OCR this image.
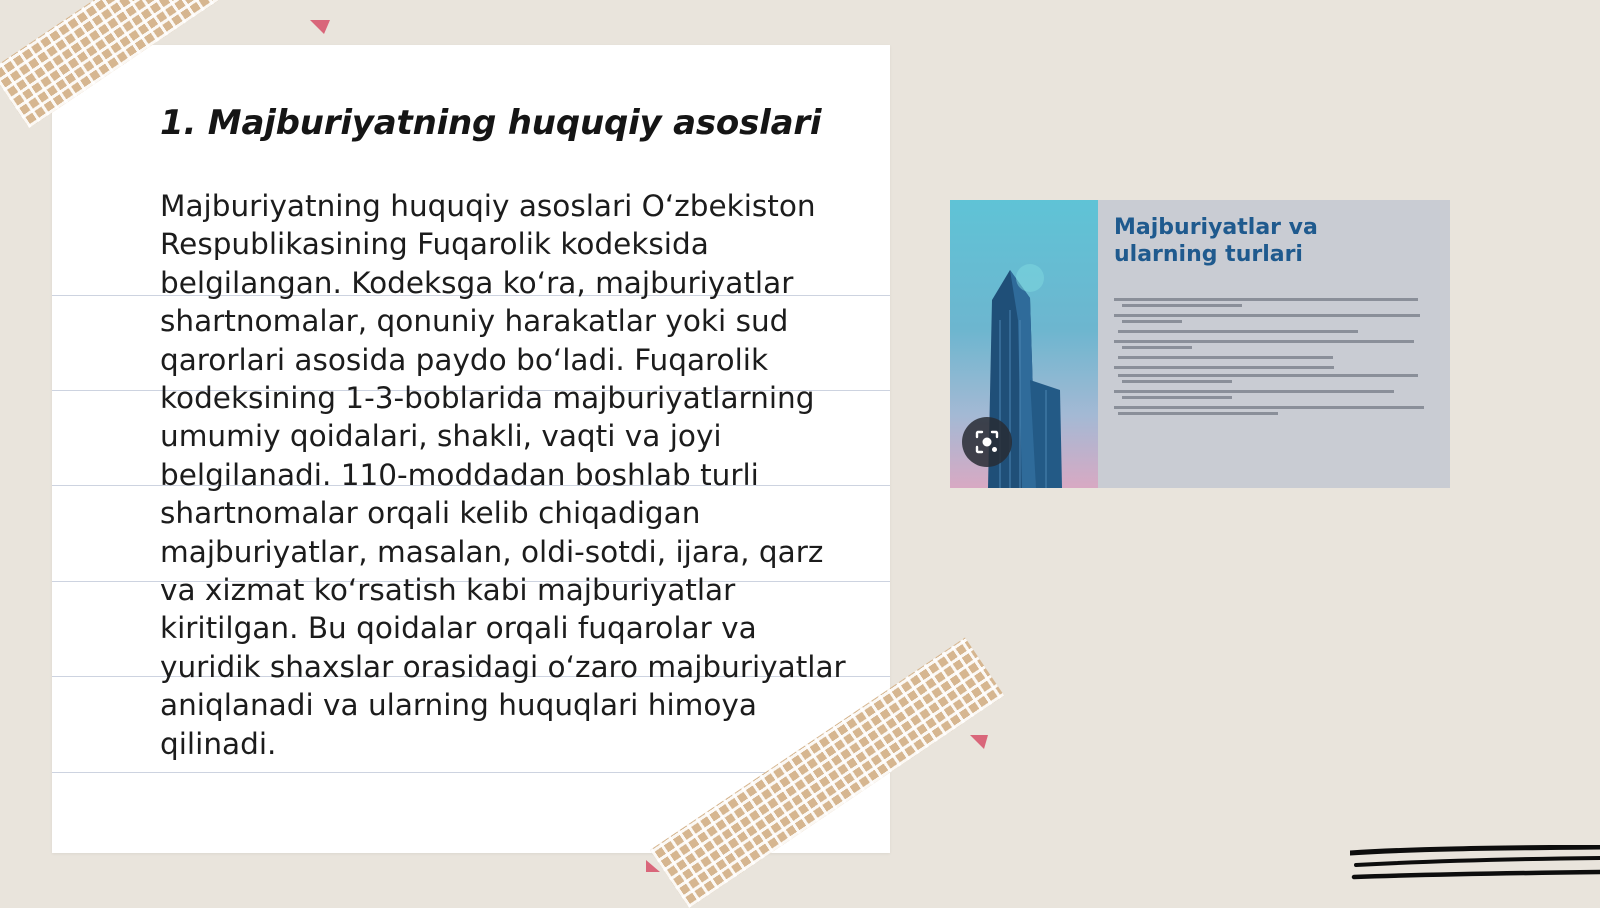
1. Majburiyatning huquqiy asoslari

Majburiyatning huquqiy asoslari O‘zbekiston Respublikasining Fuqarolik kodeksida belgilangan. Kodeksga ko‘ra, majburiyatlar shartnomalar, qonuniy harakatlar yoki sud qarorlari asosida paydo bo‘ladi. Fuqarolik kodeksining 1-3-boblarida majburiyatlarning umumiy qoidalari, shakli, vaqti va joyi belgilanadi. 110-moddadan boshlab turli shartnomalar orqali kelib chiqadigan majburiyatlar, masalan, oldi-sotdi, ijara, qarz va xizmat ko‘rsatish kabi majburiyatlar kiritilgan. Bu qoidalar orqali fuqarolar va yuridik shaxslar orasidagi o‘zaro majburiyatlar aniqlanadi va ularning huquqlari himoya qilinadi.

Majburiyatlar va
ularning turlari
